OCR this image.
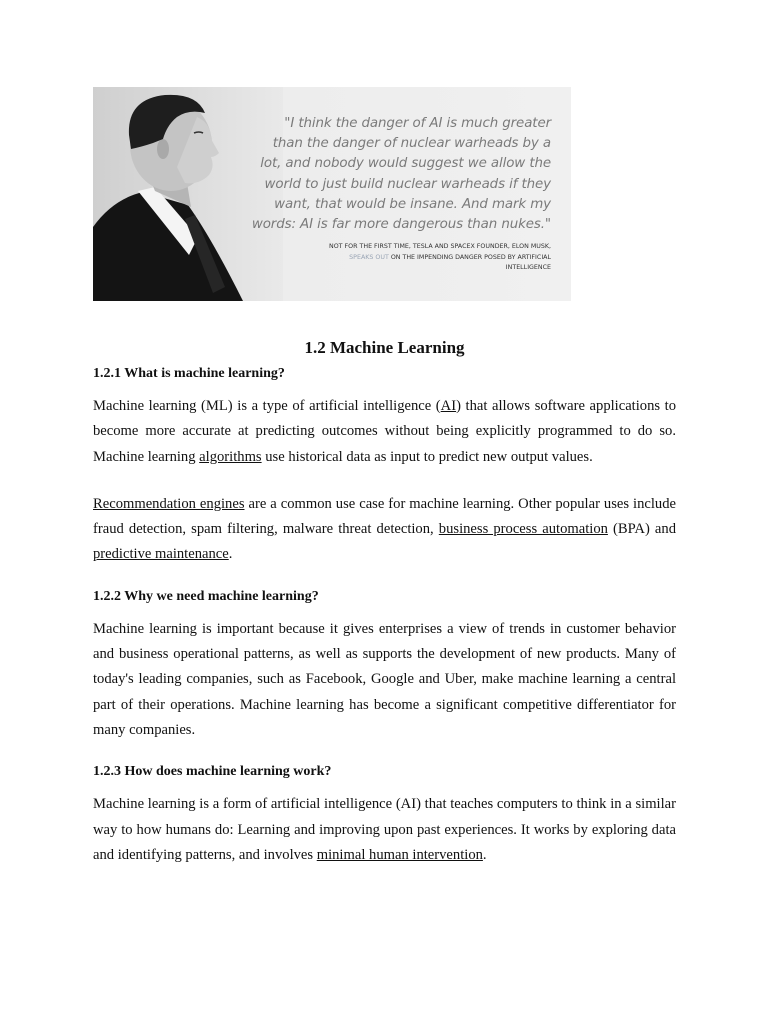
"I think the danger of AI is much greater than the danger of nuclear warheads by a lot, and nobody would suggest we allow the world to just build nuclear warheads if they want, that would be insane. And mark my words: AI is far more dangerous than nukes."
NOT FOR THE FIRST TIME, TESLA AND SPACEX FOUNDER, ELON MUSK, SPEAKS OUT ON THE IMPENDING DANGER POSED BY ARTIFICIAL INTELLIGENCE
1.2 Machine Learning
1.2.1 What is machine learning?

Machine learning (ML) is a type of artificial intelligence (AI) that allows software applications to become more accurate at predicting outcomes without being explicitly programmed to do so. Machine learning algorithms use historical data as input to predict new output values.

Recommendation engines are a common use case for machine learning. Other popular uses include fraud detection, spam filtering, malware threat detection, business process automation (BPA) and predictive maintenance.

1.2.2 Why we need machine learning?

Machine learning is important because it gives enterprises a view of trends in customer behavior and business operational patterns, as well as supports the development of new products. Many of today's leading companies, such as Facebook, Google and Uber, make machine learning a central part of their operations. Machine learning has become a significant competitive differentiator for many companies.

1.2.3 How does machine learning work?

Machine learning is a form of artificial intelligence (AI) that teaches computers to think in a similar way to how humans do: Learning and improving upon past experiences. It works by exploring data and identifying patterns, and involves minimal human intervention.
